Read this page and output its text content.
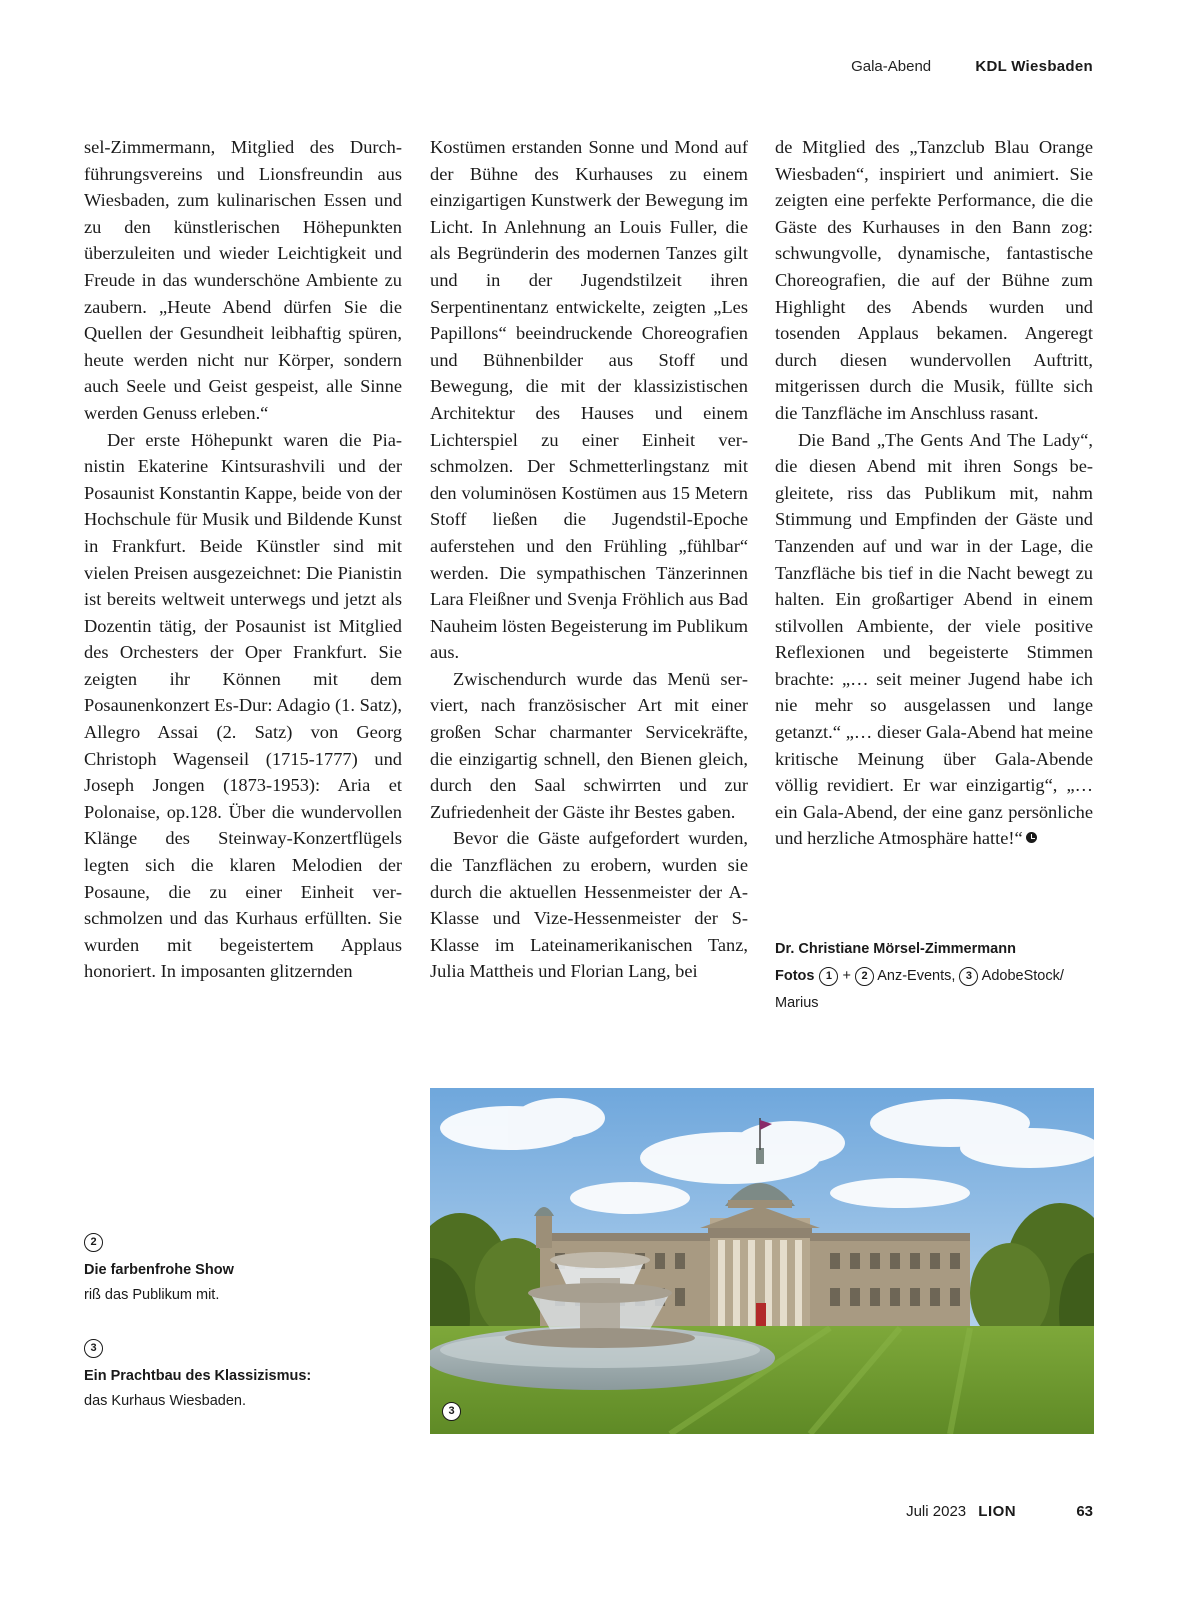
Gala-Abend	KDL Wiesbaden

sel-Zimmermann, Mitglied des Durchführungsvereins und Lionsfreundin aus Wiesbaden, zum kulinarischen Essen und zu den künstlerischen Höhepunkten überzuleiten und wieder Leichtigkeit und Freude in das wunderschöne Ambiente zu zaubern. „Heute Abend dürfen Sie die Quellen der Gesundheit leibhaftig spüren, heute werden nicht nur Körper, sondern auch Seele und Geist gespeist, alle Sinne werden Genuss erleben.“

Der erste Höhepunkt waren die Pianistin Ekaterine Kintsurashvili und der Posaunist Konstantin Kappe, beide von der Hochschule für Musik und Bildende Kunst in Frankfurt. Beide Künstler sind mit vielen Preisen ausgezeichnet: Die Pianistin ist bereits weltweit unterwegs und jetzt als Dozentin tätig, der Posaunist ist Mitglied des Orchesters der Oper Frankfurt. Sie zeigten ihr Können mit dem Posaunenkonzert Es-Dur: Adagio (1. Satz), Allegro Assai (2. Satz) von Georg Christoph Wagenseil (1715-1777) und Joseph Jongen (1873-1953): Aria et Polonaise, op.128. Über die wundervollen Klänge des Steinway-Konzertflügels legten sich die klaren Melodien der Posaune, die zu einer Einheit verschmolzen und das Kurhaus erfüllten. Sie wurden mit begeistertem Applaus honoriert. In imposanten glitzernden

Kostümen erstanden Sonne und Mond auf der Bühne des Kurhauses zu einem einzigartigen Kunstwerk der Bewegung im Licht. In Anlehnung an Louis Fuller, die als Begründerin des modernen Tanzes gilt und in der Jugendstilzeit ihren Serpentinentanz entwickelte, zeigten „Les Papillons“ beeindruckende Choreografien und Bühnenbilder aus Stoff und Bewegung, die mit der klassizistischen Architektur des Hauses und einem Lichterspiel zu einer Einheit verschmolzen. Der Schmetterlingstanz mit den voluminösen Kostümen aus 15 Metern Stoff ließen die Jugendstil-Epoche auferstehen und den Frühling „fühlbar“ werden. Die sympathischen Tänzerinnen Lara Fleißner und Svenja Fröhlich aus Bad Nauheim lösten Begeisterung im Publikum aus.

Zwischendurch wurde das Menü serviert, nach französischer Art mit einer großen Schar charmanter Servicekräfte, die einzigartig schnell, den Bienen gleich, durch den Saal schwirrten und zur Zufriedenheit der Gäste ihr Bestes gaben.

Bevor die Gäste aufgefordert wurden, die Tanzflächen zu erobern, wurden sie durch die aktuellen Hessenmeister der A-Klasse und Vize-Hessenmeister der S-Klasse im Lateinamerikanischen Tanz, Julia Mattheis und Florian Lang, bei

de Mitglied des „Tanzclub Blau Orange Wiesbaden“, inspiriert und animiert. Sie zeigten eine perfekte Performance, die die Gäste des Kurhauses in den Bann zog: schwungvolle, dynamische, fantastische Choreografien, die auf der Bühne zum Highlight des Abends wurden und tosenden Applaus bekamen. Angeregt durch diesen wundervollen Auftritt, mitgerissen durch die Musik, füllte sich die Tanzfläche im Anschluss rasant.

Die Band „The Gents And The Lady“, die diesen Abend mit ihren Songs begleitete, riss das Publikum mit, nahm Stimmung und Empfinden der Gäste und Tanzenden auf und war in der Lage, die Tanzfläche bis tief in die Nacht bewegt zu halten. Ein großartiger Abend in einem stilvollen Ambiente, der viele positive Reflexionen und begeisterte Stimmen brachte: „… seit meiner Jugend habe ich nie mehr so ausgelassen und lange getanzt.“ „… dieser Gala-Abend hat meine kritische Meinung über Gala-Abende völlig revidiert. Er war einzigartig“, „… ein Gala-Abend, der eine ganz persönliche und herzliche Atmosphäre hatte!“

Dr. Christiane Mörsel-Zimmermann
Fotos 1 + 2 Anz-Events, 3 AdobeStock/
Marius
2
Die farbenfrohe Show
riß das Publikum mit.
3
Ein Prachtbau des Klassizismus:
das Kurhaus Wiesbaden.
3
Juli 2023 LION	63
